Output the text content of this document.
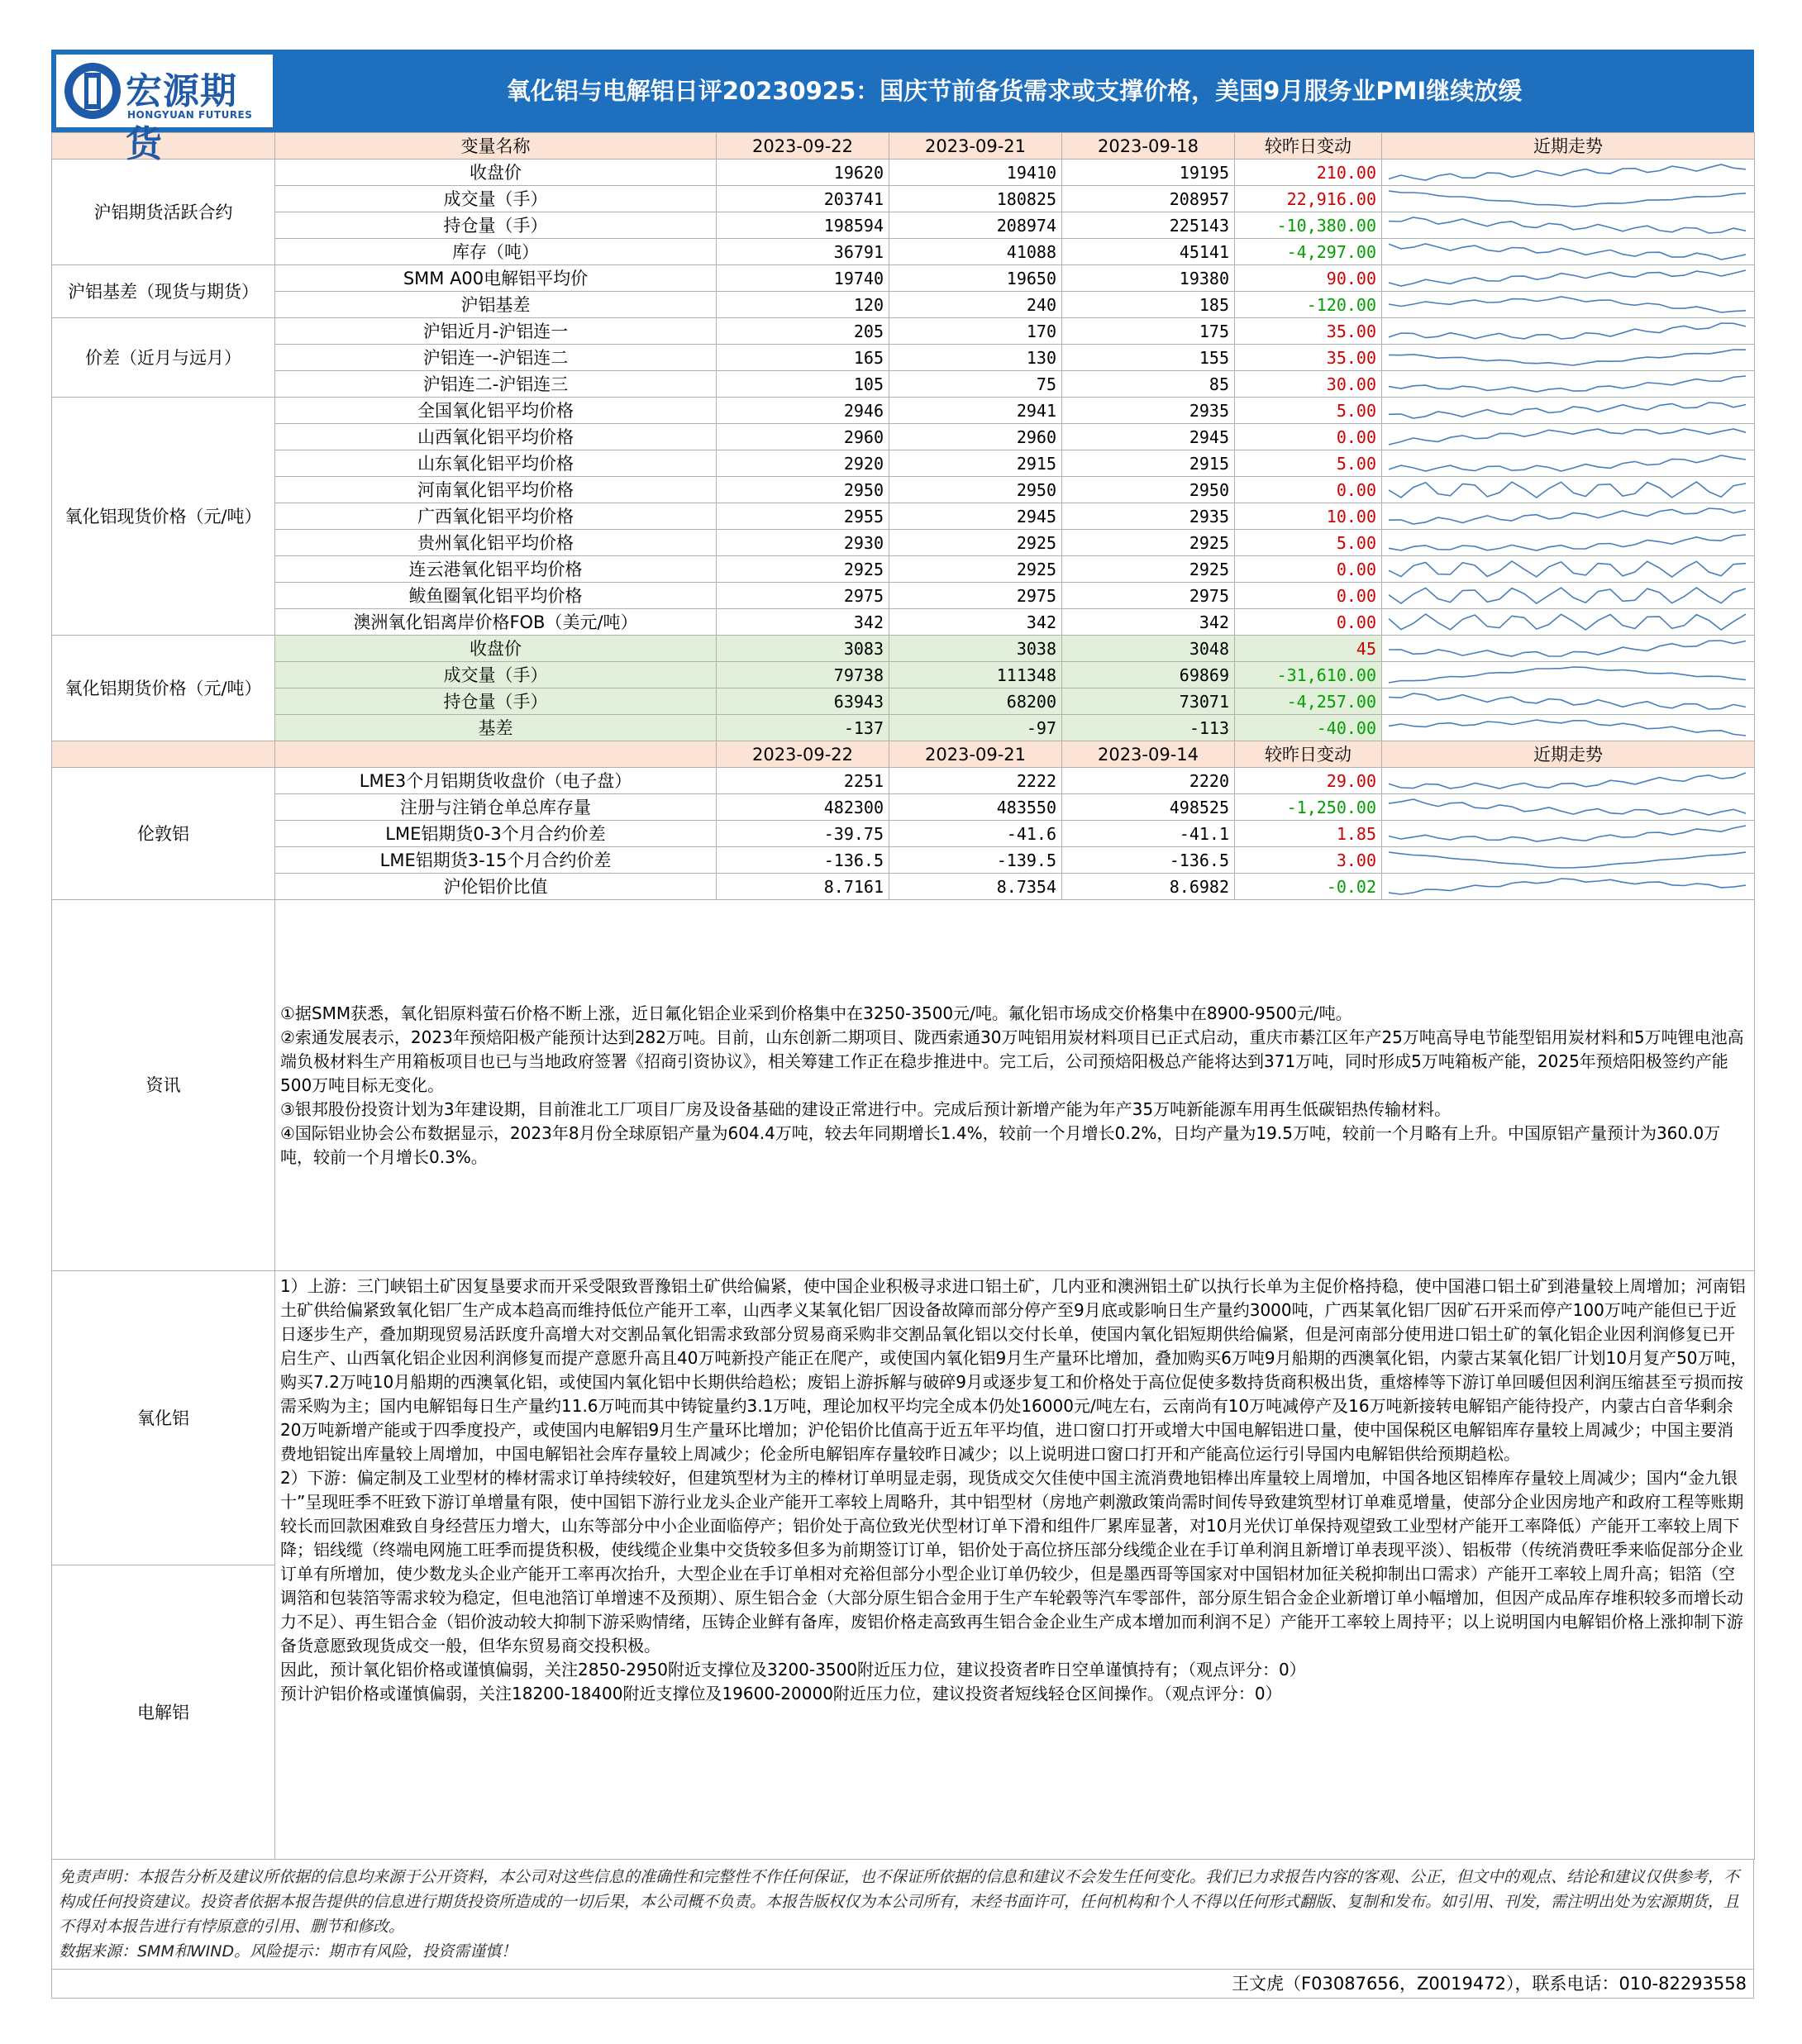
宏源期货
HONGYUAN FUTURES
氧化铝与电解铝日评20230925：国庆节前备货需求或支撑价格，美国9月服务业PMI继续放缓
	变量名称	2023-09-22	2023-09-21	2023-09-18	较昨日变动	近期走势
沪铝期货活跃合约	收盘价	19620	19410	19195	210.00	

	成交量（手）	203741	180825	208957	22,916.00	

	持仓量（手）	198594	208974	225143	-10,380.00	

	库存（吨）	36791	41088	45141	-4,297.00	

沪铝基差（现货与期货）	SMM A00电解铝平均价	19740	19650	19380	90.00	

	沪铝基差	120	240	185	-120.00	

价差（近月与远月）	沪铝近月-沪铝连一	205	170	175	35.00	

	沪铝连一-沪铝连二	165	130	155	35.00	

	沪铝连二-沪铝连三	105	75	85	30.00	

氧化铝现货价格（元/吨）	全国氧化铝平均价格	2946	2941	2935	5.00	

	山西氧化铝平均价格	2960	2960	2945	0.00	

	山东氧化铝平均价格	2920	2915	2915	5.00	

	河南氧化铝平均价格	2950	2950	2950	0.00	

	广西氧化铝平均价格	2955	2945	2935	10.00	

	贵州氧化铝平均价格	2930	2925	2925	5.00	

	连云港氧化铝平均价格	2925	2925	2925	0.00	

	鲅鱼圈氧化铝平均价格	2975	2975	2975	0.00	

	澳洲氧化铝离岸价格FOB（美元/吨）	342	342	342	0.00	

氧化铝期货价格（元/吨）	收盘价	3083	3038	3048	45	

	成交量（手）	79738	111348	69869	-31,610.00	

	持仓量（手）	63943	68200	73071	-4,257.00	

	基差	-137	-97	-113	-40.00	

		2023-09-22	2023-09-21	2023-09-14	较昨日变动	近期走势
伦敦铝	LME3个月铝期货收盘价（电子盘）	2251	2222	2220	29.00	

	注册与注销仓单总库存量	482300	483550	498525	-1,250.00	

	LME铝期货0-3个月合约价差	-39.75	-41.6	-41.1	1.85	

	LME铝期货3-15个月合约价差	-136.5	-139.5	-136.5	3.00	

	沪伦铝价比值	8.7161	8.7354	8.6982	-0.02	

资讯	①据SMM获悉，氧化铝原料萤石价格不断上涨，近日氟化铝企业采到价格集中在3250-3500元/吨。氟化铝市场成交价格集中在8900-9500元/吨。

②索通发展表示，2023年预焙阳极产能预计达到282万吨。目前，山东创新二期项目、陇西索通30万吨铝用炭材料项目已正式启动，重庆市綦江区年产25万吨高导电节能型铝用炭材料和5万吨锂电池高端负极材料生产用箱板项目也已与当地政府签署《招商引资协议》，相关筹建工作正在稳步推进中。完工后，公司预焙阳极总产能将达到371万吨，同时形成5万吨箱板产能，2025年预焙阳极签约产能500万吨目标无变化。

③银邦股份投资计划为3年建设期，目前淮北工厂项目厂房及设备基础的建设正常进行中。完成后预计新增产能为年产35万吨新能源车用再生低碳铝热传输材料。

④国际铝业协会公布数据显示，2023年8月份全球原铝产量为604.4万吨，较去年同期增长1.4%，较前一个月增长0.2%，日均产量为19.5万吨，较前一个月略有上升。中国原铝产量预计为360.0万吨，较前一个月增长0.3%。					

氧化铝	1）上游：三门峡铝土矿因复垦要求而开采受限致晋豫铝土矿供给偏紧，使中国企业积极寻求进口铝土矿，几内亚和澳洲铝土矿以执行长单为主促价格持稳，使中国港口铝土矿到港量较上周增加；河南铝土矿供给偏紧致氧化铝厂生产成本趋高而维持低位产能开工率，山西孝义某氧化铝厂因设备故障而部分停产至9月底或影响日生产量约3000吨，广西某氧化铝厂因矿石开采而停产100万吨产能但已于近日逐步生产，叠加期现贸易活跃度升高增大对交割品氧化铝需求致部分贸易商采购非交割品氧化铝以交付长单，使国内氧化铝短期供给偏紧，但是河南部分使用进口铝土矿的氧化铝企业因利润修复已开启生产、山西氧化铝企业因利润修复而提产意愿升高且40万吨新投产能正在爬产，或使国内氧化铝9月生产量环比增加，叠加购买6万吨9月船期的西澳氧化铝，内蒙古某氧化铝厂计划10月复产50万吨，购买7.2万吨10月船期的西澳氧化铝，或使国内氧化铝中长期供给趋松；废铝上游拆解与破碎9月或逐步复工和价格处于高位促使多数持货商积极出货，重熔棒等下游订单回暖但因利润压缩甚至亏损而按需采购为主；国内电解铝每日生产量约11.6万吨而其中铸锭量约3.1万吨，理论加权平均完全成本仍处16000元/吨左右，云南尚有10万吨减停产及16万吨新接转电解铝产能待投产，内蒙古白音华剩余20万吨新增产能或于四季度投产，或使国内电解铝9月生产量环比增加；沪伦铝价比值高于近五年平均值，进口窗口打开或增大中国电解铝进口量，使中国保税区电解铝库存量较上周减少；中国主要消费地铝锭出库量较上周增加，中国电解铝社会库存量较上周减少；伦金所电解铝库存量较昨日减少；以上说明进口窗口打开和产能高位运行引导国内电解铝供给预期趋松。

2）下游：偏定制及工业型材的棒材需求订单持续较好，但建筑型材为主的棒材订单明显走弱，现货成交欠佳使中国主流消费地铝棒出库量较上周增加，中国各地区铝棒库存量较上周减少；国内“金九银十”呈现旺季不旺致下游订单增量有限，使中国铝下游行业龙头企业产能开工率较上周略升，其中铝型材（房地产刺激政策尚需时间传导致建筑型材订单难觅增量，使部分企业因房地产和政府工程等账期较长而回款困难致自身经营压力增大，山东等部分中小企业面临停产；铝价处于高位致光伏型材订单下滑和组件厂累库显著，对10月光伏订单保持观望致工业型材产能开工率降低）产能开工率较上周下降；铝线缆（终端电网施工旺季而提货积极，使线缆企业集中交货较多但多为前期签订订单，铝价处于高位挤压部分线缆企业在手订单利润且新增订单表现平淡）、铝板带（传统消费旺季来临促部分企业订单有所增加，使少数龙头企业产能开工率再次抬升，大型企业在手订单相对充裕但部分小型企业订单仍较少，但是墨西哥等国家对中国铝材加征关税抑制出口需求）产能开工率较上周升高；铝箔（空调箔和包装箔等需求较为稳定，但电池箔订单增速不及预期）、原生铝合金（大部分原生铝合金用于生产车轮毂等汽车零部件，部分原生铝合金企业新增订单小幅增加，但因产成品库存堆积较多而增长动力不足）、再生铝合金（铝价波动较大抑制下游采购情绪，压铸企业鲜有备库，废铝价格走高致再生铝合金企业生产成本增加而利润不足）产能开工率较上周持平；以上说明国内电解铝价格上涨抑制下游备货意愿致现货成交一般，但华东贸易商交投积极。

因此，预计氧化铝价格或谨慎偏弱，关注2850-2950附近支撑位及3200-3500附近压力位，建议投资者昨日空单谨慎持有；（观点评分：0）

预计沪铝价格或谨慎偏弱，关注18200-18400附近支撑位及19600-20000附近压力位，建议投资者短线轻仓区间操作。（观点评分：0）					

电解铝						
免责声明：本报告分析及建议所依据的信息均来源于公开资料，本公司对这些信息的准确性和完整性不作任何保证，也不保证所依据的信息和建议不会发生任何变化。我们已力求报告内容的客观、公正，但文中的观点、结论和建议仅供参考，不构成任何投资建议。投资者依据本报告提供的信息进行期货投资所造成的一切后果，本公司概不负责。本报告版权仅为本公司所有，未经书面许可，任何机构和个人不得以任何形式翻版、复制和发布。如引用、刊发，需注明出处为宏源期货，且不得对本报告进行有悖原意的引用、删节和修改。
数据来源：SMM和WIND。风险提示：期市有风险，投资需谨慎！
王文虎（F03087656，Z0019472），联系电话：010-82293558
